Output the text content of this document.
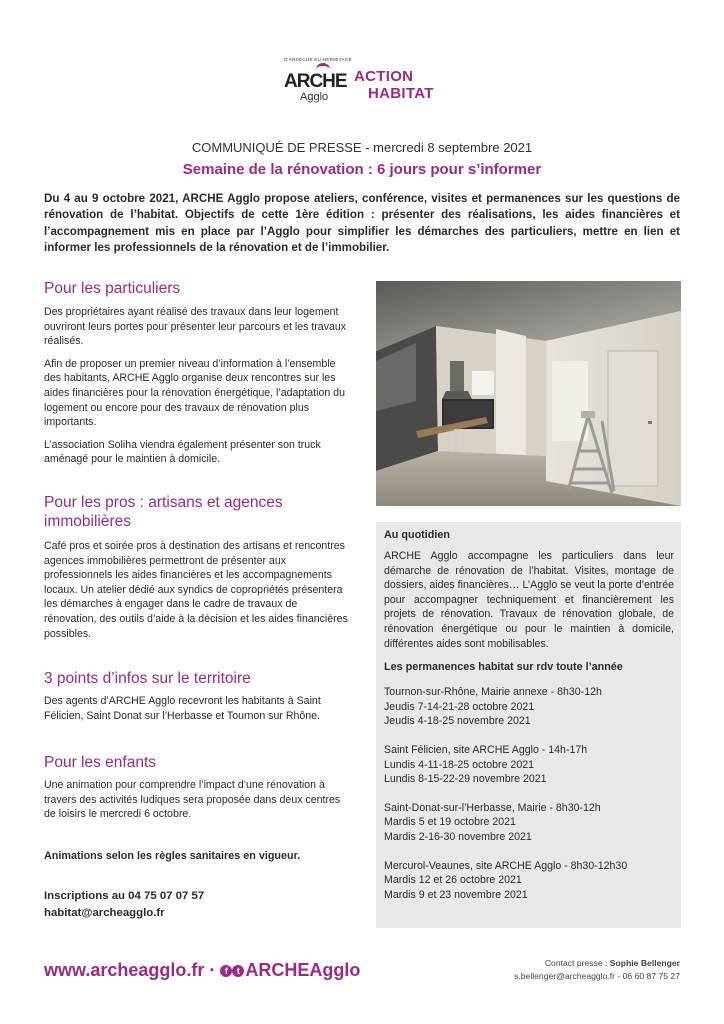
D'ARDÈCHE EU HERMITAGE
ARCHE
Agglo
ACTION
HABITAT
COMMUNIQUÉ DE PRESSE - mercredi 8 septembre 2021
Semaine de la rénovation : 6 jours pour s’informer
Du 4 au 9 octobre 2021, ARCHE Agglo propose ateliers, conférence, visites et permanences sur les questions de rénovation de l’habitat. Objectifs de cette 1ère édition : présenter des réalisations, les aides financières et l’accompagnement mis en place par l’Agglo pour simplifier les démarches des particuliers, mettre en lien et informer les professionnels de la rénovation et de l’immobilier.
Pour les particuliers

Des propriétaires ayant réalisé des travaux dans leur logement ouvriront leurs portes pour présenter leur parcours et les travaux réalisés.

Afin de proposer un premier niveau d’information à l’ensemble des habitants, ARCHE Agglo organise deux rencontres sur les aides financières pour la rénovation énergétique, l’adaptation du logement ou encore pour des travaux de rénovation plus importants.

L’association Soliha viendra également présenter son truck aménagé pour le maintien à domicile.

Pour les pros : artisans et agences immobilières

Café pros et soirée pros à destination des artisans et rencontres agences immobilières permettront de présenter aux professionnels les aides financières et les accompagnements locaux. Un atelier dédié aux syndics de copropriétés présentera les démarches à engager dans le cadre de travaux de rénovation, des outils d’aide à la décision et les aides financières possibles.

3 points d’infos sur le territoire

Des agents d’ARCHE Agglo recevront les habitants à Saint Félicien, Saint Donat sur l’Herbasse et Tournon sur Rhône.

Pour les enfants

Une animation pour comprendre l’impact d’une rénovation à travers des activités ludiques sera proposée dans deux centres de loisirs le mercredi 6 octobre.

Animations selon les règles sanitaires en vigueur.
Inscriptions au 04 75 07 07 57
habitat@archeagglo.fr
Au quotidien
ARCHE Agglo accompagne les particuliers dans leur démarche de rénovation de l’habitat. Visites, montage de dossiers, aides financières… L’Agglo se veut la porte d’entrée pour accompagner techniquement et financièrement les projets de rénovation. Travaux de rénovation globale, de rénovation énergétique ou pour le maintien à domicile, différentes aides sont mobilisables.
Les permanences habitat sur rdv toute l’année
Tournon-sur-Rhône, Mairie annexe - 8h30-12h
Jeudis 7-14-21-28 octobre 2021
Jeudis 4-18-25 novembre 2021
Saint Félicien, site ARCHE Agglo - 14h-17h
Lundis 4-11-18-25 octobre 2021
Lundis 8-15-22-29 novembre 2021
Saint-Donat-sur-l’Herbasse, Mairie - 8h30-12h
Mardis 5 et 19 octobre 2021
Mardis 2-16-30 novembre 2021
Mercurol-Veaunes, site ARCHE Agglo - 8h30-12h30
Mardis 12 et 26 octobre 2021
Mardis 9 et 23 novembre 2021
www.archeagglo.fr · f t ARCHEAgglo	Contact presse : Sophie Bellenger
s.bellenger@archeagglo.fr - 06 60 87 75 27
